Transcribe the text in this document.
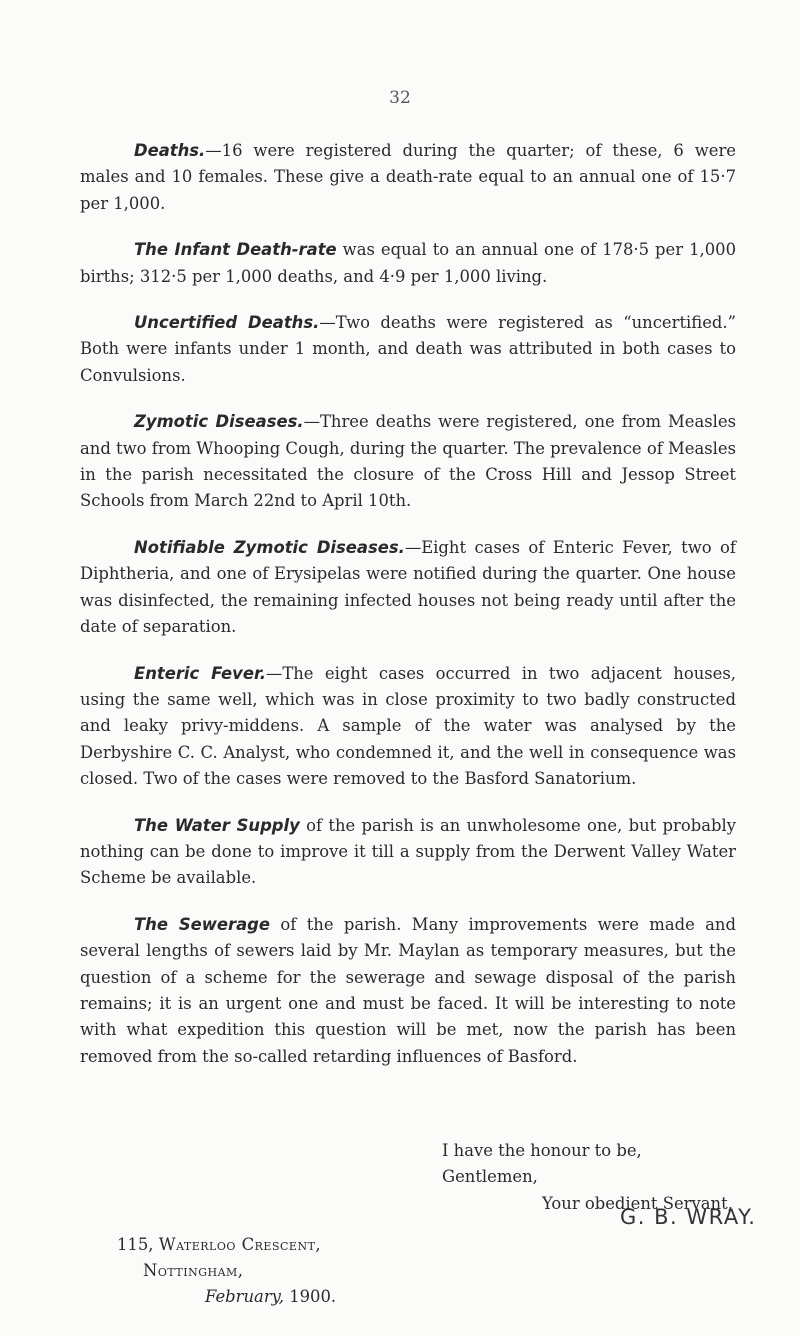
32

Deaths.—16 were registered during the quarter; of these, 6 were males and 10 females. These give a death-rate equal to an annual one of 15·7 per 1,000.

The Infant Death-rate was equal to an annual one of 178·5 per 1,000 births; 312·5 per 1,000 deaths, and 4·9 per 1,000 living.

Uncertified Deaths.—Two deaths were registered as “uncertified.” Both were infants under 1 month, and death was attributed in both cases to Convulsions.

Zymotic Diseases.—Three deaths were registered, one from Measles and two from Whooping Cough, during the quarter. The prevalence of Measles in the parish necessitated the closure of the Cross Hill and Jessop Street Schools from March 22nd to April 10th.

Notifiable Zymotic Diseases.—Eight cases of Enteric Fever, two of Diphtheria, and one of Erysipelas were notified during the quarter. One house was disinfected, the remaining infected houses not being ready until after the date of separation.

Enteric Fever.—The eight cases occurred in two adjacent houses, using the same well, which was in close proximity to two badly constructed and leaky privy-middens. A sample of the water was analysed by the Derbyshire C. C. Analyst, who condemned it, and the well in consequence was closed. Two of the cases were removed to the Basford Sanatorium.

The Water Supply of the parish is an unwholesome one, but probably nothing can be done to improve it till a supply from the Derwent Valley Water Scheme be available.

The Sewerage of the parish. Many improvements were made and several lengths of sewers laid by Mr. Maylan as temporary measures, but the question of a scheme for the sewerage and sewage disposal of the parish remains; it is an urgent one and must be faced. It will be interesting to note with what expedition this question will be met, now the parish has been removed from the so-called retarding influences of Basford.

I have the honour to be, Gentlemen,
Your obedient Servant,
G. B. WRAY.
115, Waterloo Crescent,
Nottingham,
February, 1900.
